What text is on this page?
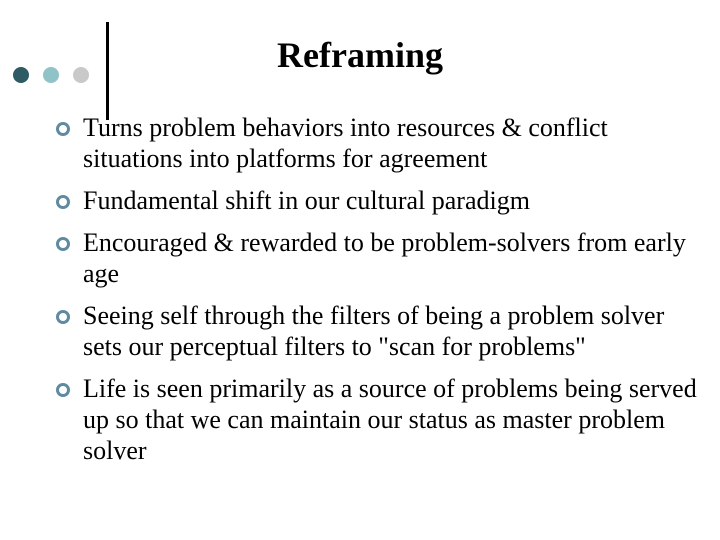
Reframing
Turns problem behaviors into resources & conflict situations into platforms for agreement
Fundamental shift in our cultural paradigm
Encouraged & rewarded to be problem-solvers from early age
Seeing self through the filters of being a problem solver sets our perceptual filters to "scan for problems"
Life is seen primarily as a source of problems being served up so that we can maintain our status as master problem solver
